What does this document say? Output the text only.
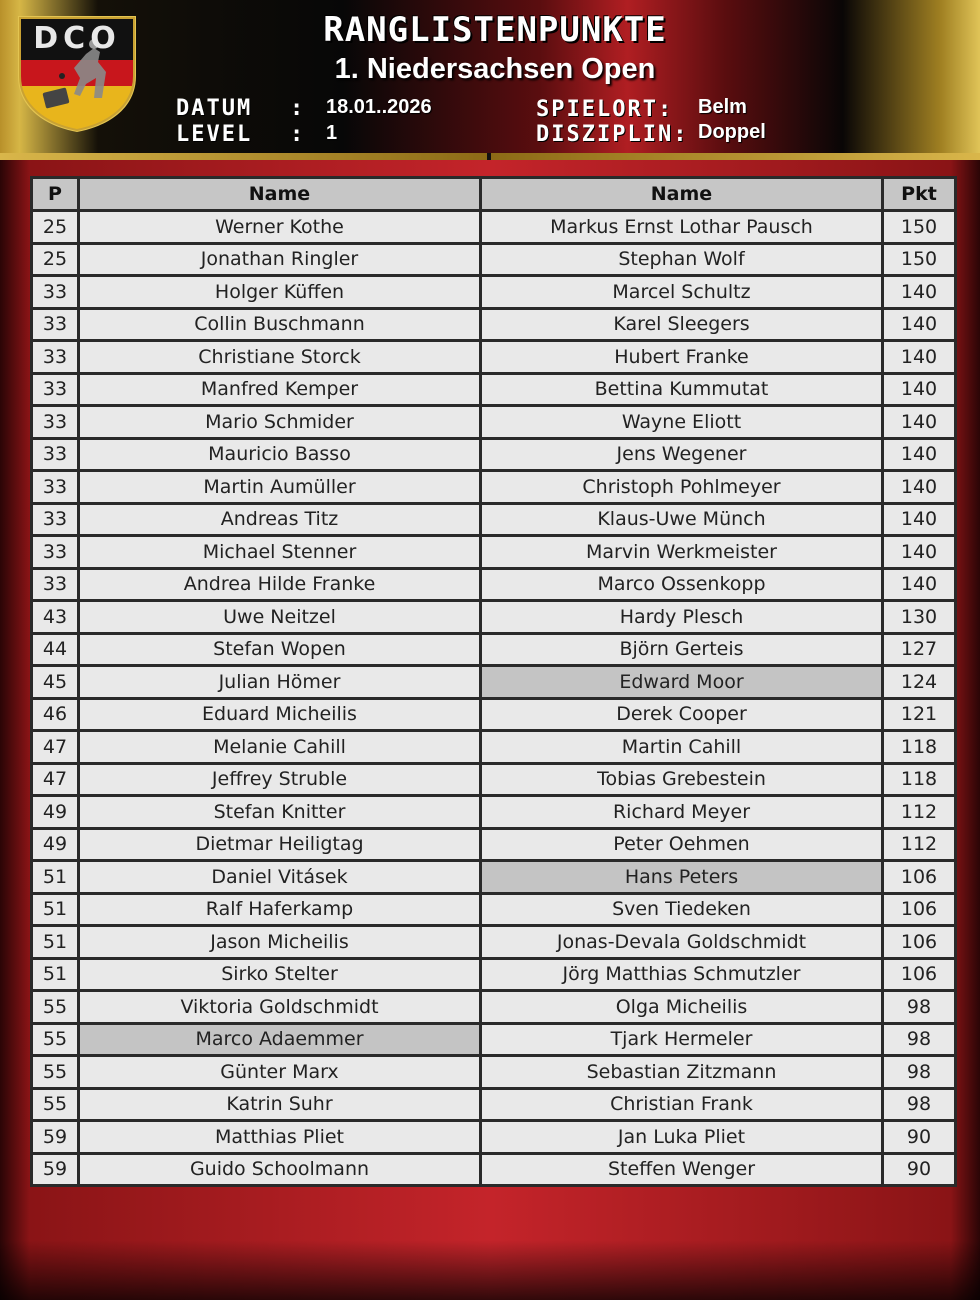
DCO	RANGLISTENPUNKTE
1. Niedersachsen Open
DATUM : 18.01..2026
LEVEL : 1
SPIELORT: Belm
DISZIPLIN: Doppel
P	Name	Name	Pkt
25	Werner Kothe	Markus Ernst Lothar Pausch	150
25	Jonathan Ringler	Stephan Wolf	150
33	Holger Küffen	Marcel Schultz	140
33	Collin Buschmann	Karel Sleegers	140
33	Christiane Storck	Hubert Franke	140
33	Manfred Kemper	Bettina Kummutat	140
33	Mario Schmider	Wayne Eliott	140
33	Mauricio Basso	Jens Wegener	140
33	Martin Aumüller	Christoph Pohlmeyer	140
33	Andreas Titz	Klaus-Uwe Münch	140
33	Michael Stenner	Marvin Werkmeister	140
33	Andrea Hilde Franke	Marco Ossenkopp	140
43	Uwe Neitzel	Hardy Plesch	130
44	Stefan Wopen	Björn Gerteis	127
45	Julian Hömer	Edward Moor	124
46	Eduard Micheilis	Derek Cooper	121
47	Melanie Cahill	Martin Cahill	118
47	Jeffrey Struble	Tobias Grebestein	118
49	Stefan Knitter	Richard Meyer	112
49	Dietmar Heiligtag	Peter Oehmen	112
51	Daniel Vitásek	Hans Peters	106
51	Ralf Haferkamp	Sven Tiedeken	106
51	Jason Micheilis	Jonas-Devala Goldschmidt	106
51	Sirko Stelter	Jörg Matthias Schmutzler	106
55	Viktoria Goldschmidt	Olga Micheilis	98
55	Marco Adaemmer	Tjark Hermeler	98
55	Günter Marx	Sebastian Zitzmann	98
55	Katrin Suhr	Christian Frank	98
59	Matthias Pliet	Jan Luka Pliet	90
59	Guido Schoolmann	Steffen Wenger	90
